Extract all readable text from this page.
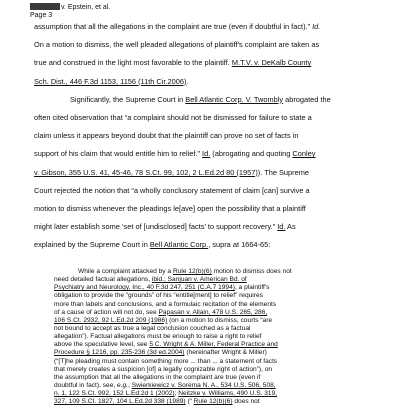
v. Epstein, et al.
Page 3
assumption that all the allegations in the complaint are true (even if doubtful in fact).” Id.
On a motion to dismiss, the well pleaded allegations of plaintiff's complaint are taken as
true and construed in the light most favorable to the plaintiff. M.T.V. v. DeKalb County
Sch. Dist., 446 F.3d 1153, 1156 (11th Cir.2006).
Significantly, the Supreme Court in Bell Atlantic Corp. V. Twombly abrogated the
often cited observation that “a complaint should not be dismissed for failure to state a
claim unless it appears beyond doubt that the plaintiff can prove no set of facts in
support of his claim that would entitle him to relief.” Id. (abrogating and quoting Conley
v. Gibson, 355 U.S. 41, 45-46, 78 S.Ct. 99, 102, 2 L.Ed.2d 80 (1957)). The Supreme
Court rejected the notion that “a wholly conclusory statement of claim [can] survive a
motion to dismiss whenever the pleadings le[ave] open the possibility that a plaintiff
might later establish some ‘set of [undisclosed] facts’ to support recovery.” Id. As
explained by the Supreme Court in Bell Atlantic Corp., supra at 1664-65:
While a complaint attacked by a Rule 12(b)(6) motion to dismiss does not
need detailed factual allegations, ibid.; Sanjuan v. American Bd. of
Psychiatry and Neurology, Inc., 40 F.3d 247, 251 (C.A.7 1994), a plaintiff's
obligation to provide the “grounds” of his “entitle[ment] to relief” requires
more than labels and conclusions, and a formulaic recitation of the elements
of a cause of action will not do, see Papasan v. Allain, 478 U.S. 265, 286,
106 S.Ct. 2932, 92 L.Ed.2d 209 (1986) (on a motion to dismiss, courts “are
not bound to accept as true a legal conclusion couched as a factual
allegation”). Factual allegations must be enough to raise a right to relief
above the speculative level, see 5 C. Wright & A. Miller, Federal Practice and
Procedure § 1216, pp. 235-236 (3d ed.2004) (hereinafter Wright & Miller)
(“[T]he pleading must contain something more ... than ... a statement of facts
that merely creates a suspicion [of] a legally cognizable right of action”), on
the assumption that all the allegations in the complaint are true (even if
doubtful in fact), see, e.g., Swierkiewicz v. Sorema N. A., 534 U.S. 506, 508,
n. 1, 122 S.Ct. 992, 152 L.Ed.2d 1 (2002); Neitzke v. Williams, 490 U.S. 319,
327, 109 S.Ct. 1827, 104 L.Ed.2d 338 (1989) (“ Rule 12(b)(6) does not
